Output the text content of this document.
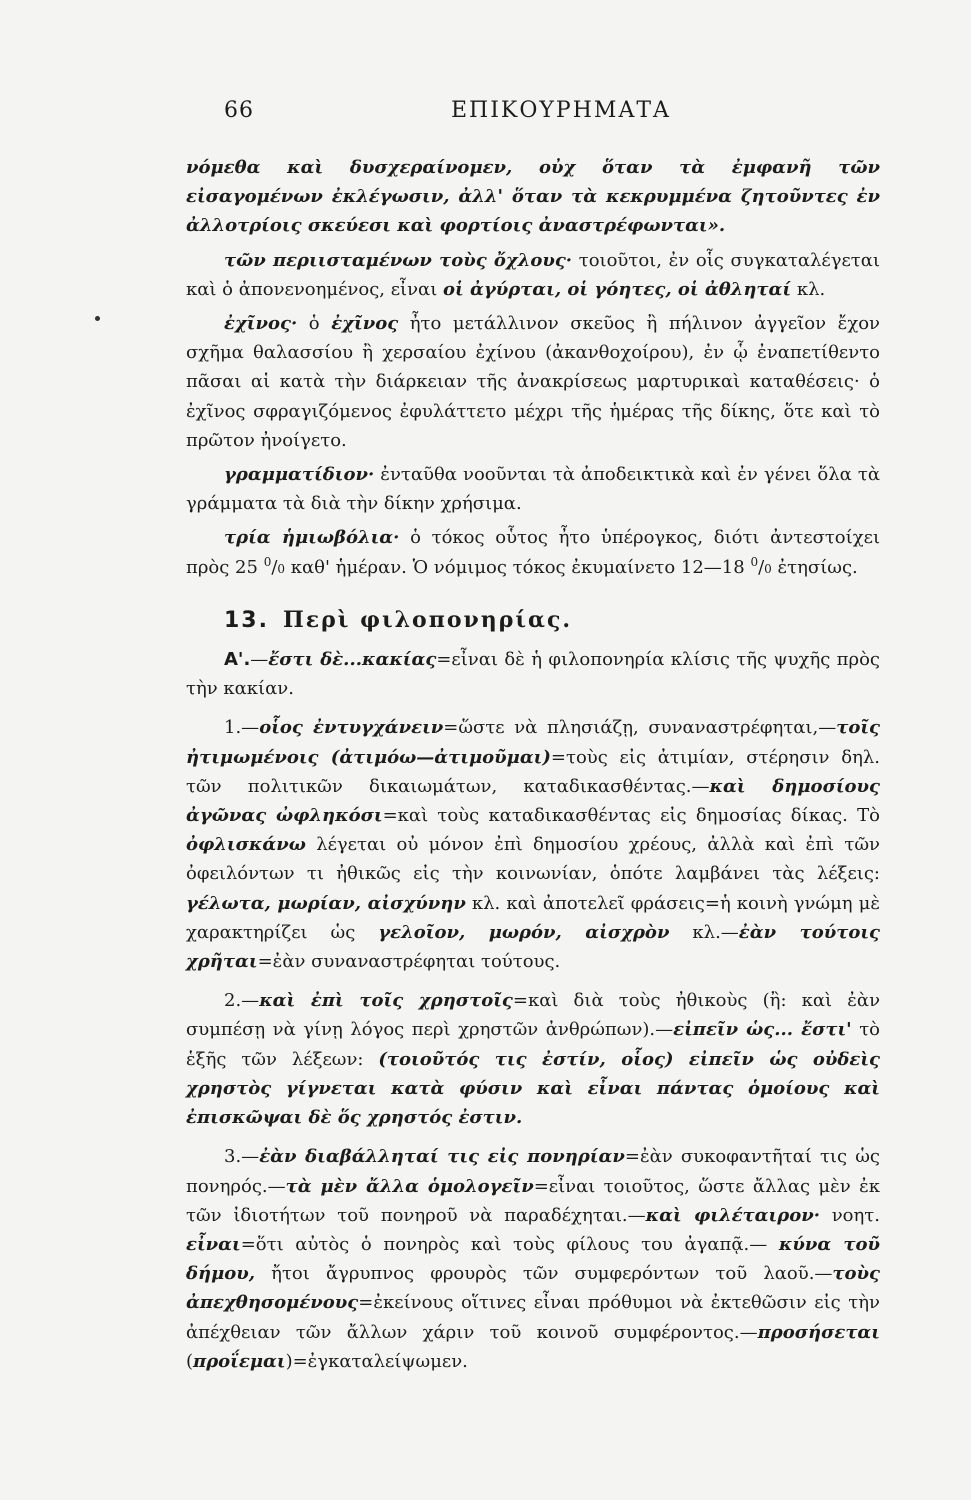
66	ΕΠΙΚΟΥΡΗΜΑΤΑ

νόμεθα καὶ δυσχεραίνομεν, οὐχ ὅταν τὰ ἐμφανῆ τῶν εἰσαγομένων ἐκλέγωσιν, ἀλλ' ὅταν τὰ κεκρυμμένα ζητοῦντες ἐν ἀλλοτρίοις σκεύεσι καὶ φορτίοις ἀναστρέφωνται».

τῶν περιισταμένων τοὺς ὄχλους· τοιοῦτοι, ἐν οἷς συγκαταλέγεται καὶ ὁ ἀπονενοημένος, εἶναι οἱ ἀγύρται, οἱ γόητες, οἱ ἀθληταί κλ.

ἐχῖνος· ὁ ἐχῖνος ἦτο μετάλλινον σκεῦος ἢ πήλινον ἀγγεῖον ἔχον σχῆμα θαλασσίου ἢ χερσαίου ἐχίνου (ἀκανθοχοίρου), ἐν ᾧ ἐναπετίθεντο πᾶσαι αἱ κατὰ τὴν διάρκειαν τῆς ἀνακρίσεως μαρτυρικαὶ καταθέσεις· ὁ ἐχῖνος σφραγιζόμενος ἐφυλάττετο μέχρι τῆς ἡμέρας τῆς δίκης, ὅτε καὶ τὸ πρῶτον ἠνοίγετο.

γραμματίδιον· ἐνταῦθα νοοῦνται τὰ ἀποδεικτικὰ καὶ ἐν γένει ὅλα τὰ γράμματα τὰ διὰ τὴν δίκην χρήσιμα.

τρία ἡμιωβόλια· ὁ τόκος οὗτος ἦτο ὑπέρογκος, διότι ἀντεστοίχει πρὸς 25 $^0$/0 καθ' ἡμέραν. Ὁ νόμιμος τόκος ἐκυμαίνετο 12—18 $^0$/0 ἐτησίως.

13. Περὶ φιλοπονηρίας.

Α'.—ἔστι δὲ...κακίας=εἶναι δὲ ἡ φιλοπονηρία κλίσις τῆς ψυχῆς πρὸς τὴν κακίαν.

1.—οἷος ἐντυγχάνειν=ὥστε νὰ πλησιάζῃ, συναναστρέφηται,—τοῖς ἠτιμωμένοις (ἀτιμόω—ἀτιμοῦμαι)=τοὺς εἰς ἀτιμίαν, στέρησιν δηλ. τῶν πολιτικῶν δικαιωμάτων, καταδικασθέντας.—καὶ δημοσίους ἀγῶνας ὠφληκόσι=καὶ τοὺς καταδικασθέντας εἰς δημοσίας δίκας. Τὸ ὀφλισκάνω λέγεται οὐ μόνον ἐπὶ δημοσίου χρέους, ἀλλὰ καὶ ἐπὶ τῶν ὀφειλόντων τι ἠθικῶς εἰς τὴν κοινωνίαν, ὁπότε λαμβάνει τὰς λέξεις: γέλωτα, μωρίαν, αἰσχύνην κλ. καὶ ἀποτελεῖ φράσεις=ἡ κοινὴ γνώμη μὲ χαρακτηρίζει ὡς γελοῖον, μωρόν, αἰσχρὸν κλ.—ἐὰν τούτοις χρῆται=ἐὰν συναναστρέφηται τούτους.

2.—καὶ ἐπὶ τοῖς χρηστοῖς=καὶ διὰ τοὺς ἠθικοὺς (ἢ: καὶ ἐὰν συμπέσῃ νὰ γίνῃ λόγος περὶ χρηστῶν ἀνθρώπων).—εἰπεῖν ὡς... ἔστι' τὸ ἑξῆς τῶν λέξεων: (τοιοῦτός τις ἐστίν, οἷος) εἰπεῖν ὡς οὐδεὶς χρηστὸς γίγνεται κατὰ φύσιν καὶ εἶναι πάντας ὁμοίους καὶ ἐπισκῶψαι δὲ ὅς χρηστός ἐστιν.

3.—ἐὰν διαβάλληταί τις εἰς πονηρίαν=ἐὰν συκοφαντῆταί τις ὡς πονηρός.—τὰ μὲν ἄλλα ὁμολογεῖν=εἶναι τοιοῦτος, ὥστε ἄλλας μὲν ἐκ τῶν ἰδιοτήτων τοῦ πονηροῦ νὰ παραδέχηται.—καὶ φιλέταιρον· νοητ. εἶναι=ὅτι αὐτὸς ὁ πονηρὸς καὶ τοὺς φίλους του ἀγαπᾷ.— κύνα τοῦ δήμου, ἤτοι ἄγρυπνος φρουρὸς τῶν συμφερόντων τοῦ λαοῦ.—τοὺς ἀπεχθησομένους=ἐκείνους οἵτινες εἶναι πρόθυμοι νὰ ἐκτεθῶσιν εἰς τὴν ἀπέχθειαν τῶν ἄλλων χάριν τοῦ κοινοῦ συμφέροντος.—προσήσεται (προΐεμαι)=ἐγκαταλείψωμεν.
